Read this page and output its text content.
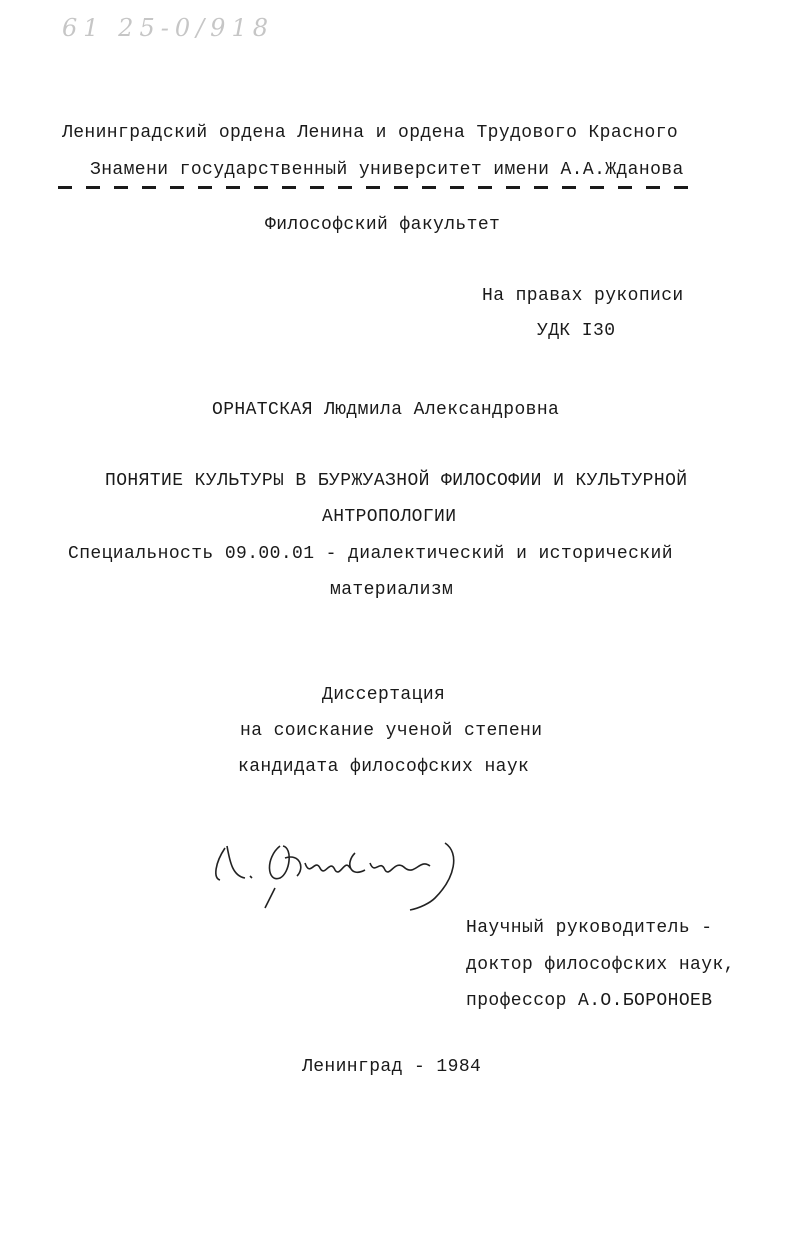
61 25-0/918
Ленинградский ордена Ленина и ордена Трудового Красного
Знамени государственный университет имени А.А.Жданова
Философский факультет
На правах рукописи
УДК I30
ОРНАТСКАЯ Людмила Александровна
ПОНЯТИЕ КУЛЬТУРЫ В БУРЖУАЗНОЙ ФИЛОСОФИИ И КУЛЬТУРНОЙ
АНТРОПОЛОГИИ
Специальность 09.00.01 - диалектический и исторический
материализм
Диссертация
на соискание ученой степени
кандидата философских наук
Научный руководитель -
доктор философских наук,
профессор А.О.БОРОНОЕВ
Ленинград - 1984
